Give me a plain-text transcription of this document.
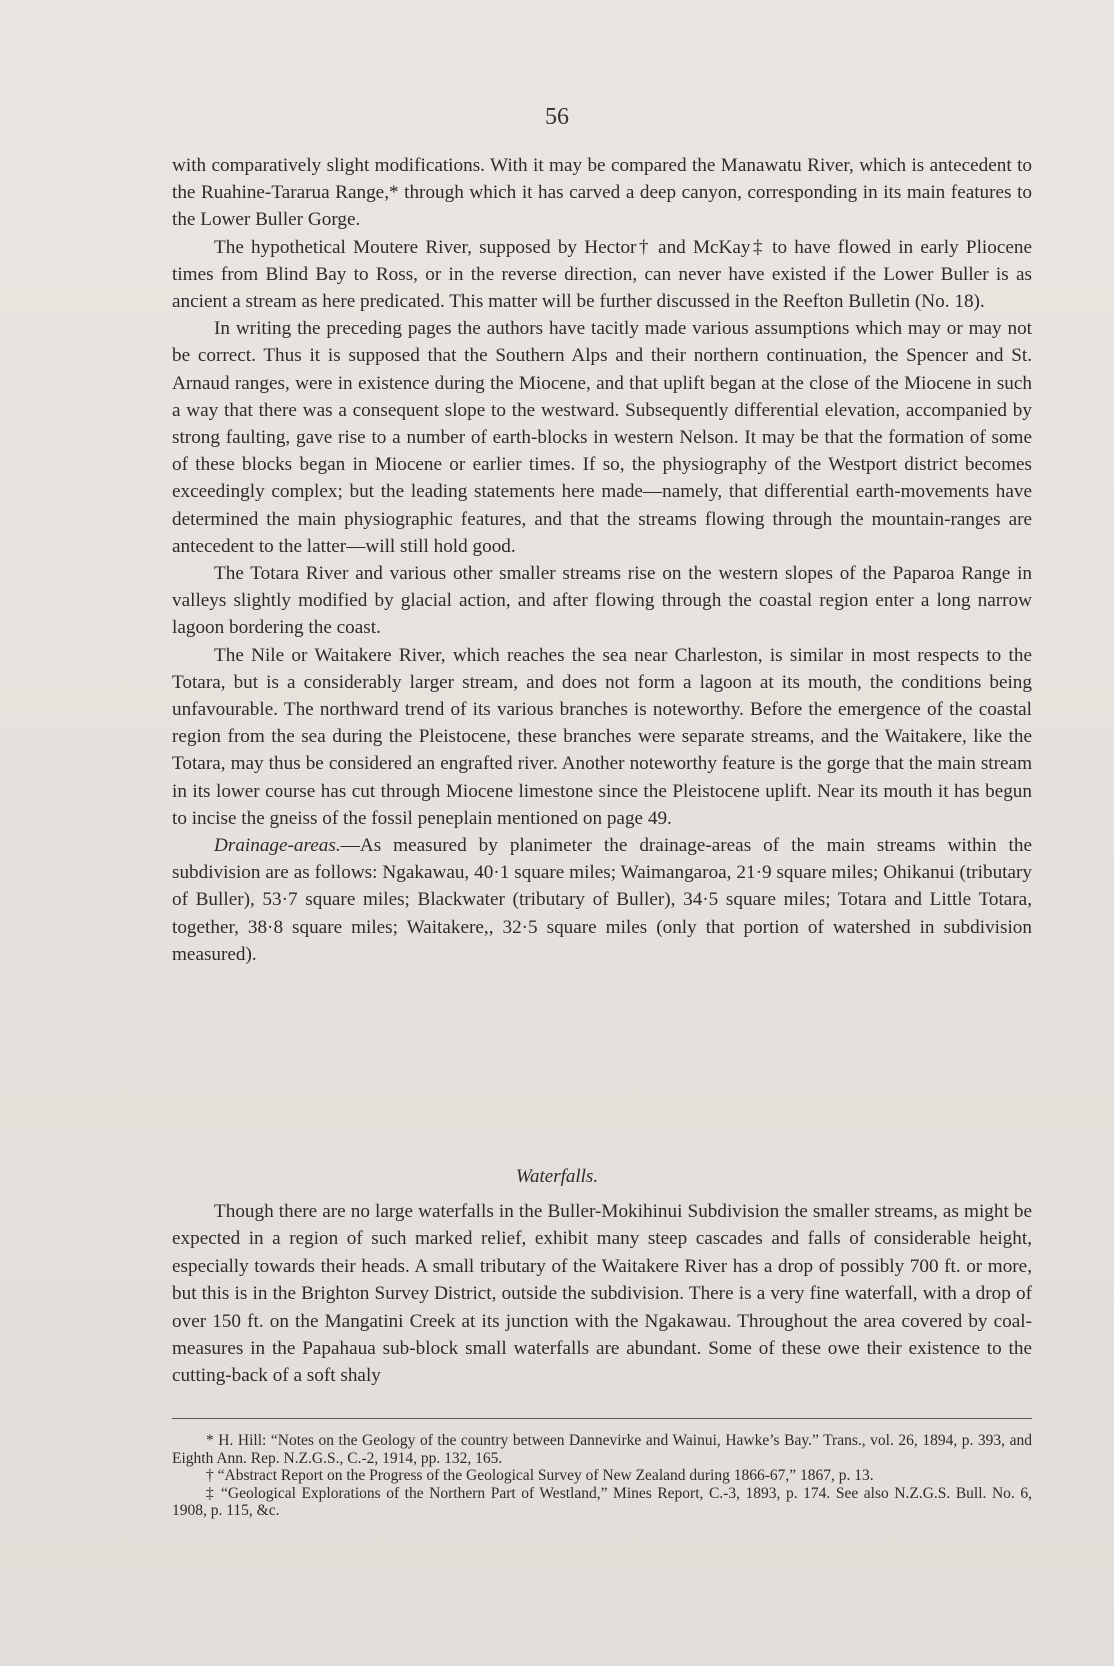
56

with comparatively slight modifications. With it may be compared the Manawatu River, which is antecedent to the Ruahine-Tararua Range,* through which it has carved a deep canyon, corresponding in its main features to the Lower Buller Gorge.

The hypothetical Moutere River, supposed by Hector† and McKay‡ to have flowed in early Pliocene times from Blind Bay to Ross, or in the reverse direction, can never have existed if the Lower Buller is as ancient a stream as here predicated. This matter will be further discussed in the Reefton Bulletin (No. 18).

In writing the preceding pages the authors have tacitly made various assumptions which may or may not be correct. Thus it is supposed that the Southern Alps and their northern continuation, the Spencer and St. Arnaud ranges, were in existence during the Miocene, and that uplift began at the close of the Miocene in such a way that there was a consequent slope to the westward. Subsequently differential elevation, accompanied by strong faulting, gave rise to a number of earth-blocks in western Nelson. It may be that the formation of some of these blocks began in Miocene or earlier times. If so, the physiography of the Westport district becomes exceedingly complex; but the leading statements here made—namely, that differential earth-movements have determined the main physiographic features, and that the streams flowing through the mountain-ranges are antecedent to the latter—will still hold good.

The Totara River and various other smaller streams rise on the western slopes of the Paparoa Range in valleys slightly modified by glacial action, and after flowing through the coastal region enter a long narrow lagoon bordering the coast.

The Nile or Waitakere River, which reaches the sea near Charleston, is similar in most respects to the Totara, but is a considerably larger stream, and does not form a lagoon at its mouth, the conditions being unfavourable. The northward trend of its various branches is noteworthy. Before the emergence of the coastal region from the sea during the Pleistocene, these branches were separate streams, and the Waitakere, like the Totara, may thus be considered an engrafted river. Another noteworthy feature is the gorge that the main stream in its lower course has cut through Miocene limestone since the Pleistocene uplift. Near its mouth it has begun to incise the gneiss of the fossil peneplain mentioned on page 49.

Drainage-areas.—As measured by planimeter the drainage-areas of the main streams within the subdivision are as follows: Ngakawau, 40·1 square miles; Waimangaroa, 21·9 square miles; Ohikanui (tributary of Buller), 53·7 square miles; Blackwater (tributary of Buller), 34·5 square miles; Totara and Little Totara, together, 38·8 square miles; Waitakere,, 32·5 square miles (only that portion of watershed in subdivision measured).

Waterfalls.

Though there are no large waterfalls in the Buller-Mokihinui Subdivision the smaller streams, as might be expected in a region of such marked relief, exhibit many steep cascades and falls of considerable height, especially towards their heads. A small tributary of the Waitakere River has a drop of possibly 700 ft. or more, but this is in the Brighton Survey District, outside the subdivision. There is a very fine waterfall, with a drop of over 150 ft. on the Mangatini Creek at its junction with the Ngakawau. Throughout the area covered by coal-measures in the Papahaua sub-block small waterfalls are abundant. Some of these owe their existence to the cutting-back of a soft shaly

* H. Hill: “Notes on the Geology of the country between Dannevirke and Wainui, Hawke’s Bay.” Trans., vol. 26, 1894, p. 393, and Eighth Ann. Rep. N.Z.G.S., C.-2, 1914, pp. 132, 165.

† “Abstract Report on the Progress of the Geological Survey of New Zealand during 1866-67,” 1867, p. 13.

‡ “Geological Explorations of the Northern Part of Westland,” Mines Report, C.-3, 1893, p. 174. See also N.Z.G.S. Bull. No. 6, 1908, p. 115, &c.
